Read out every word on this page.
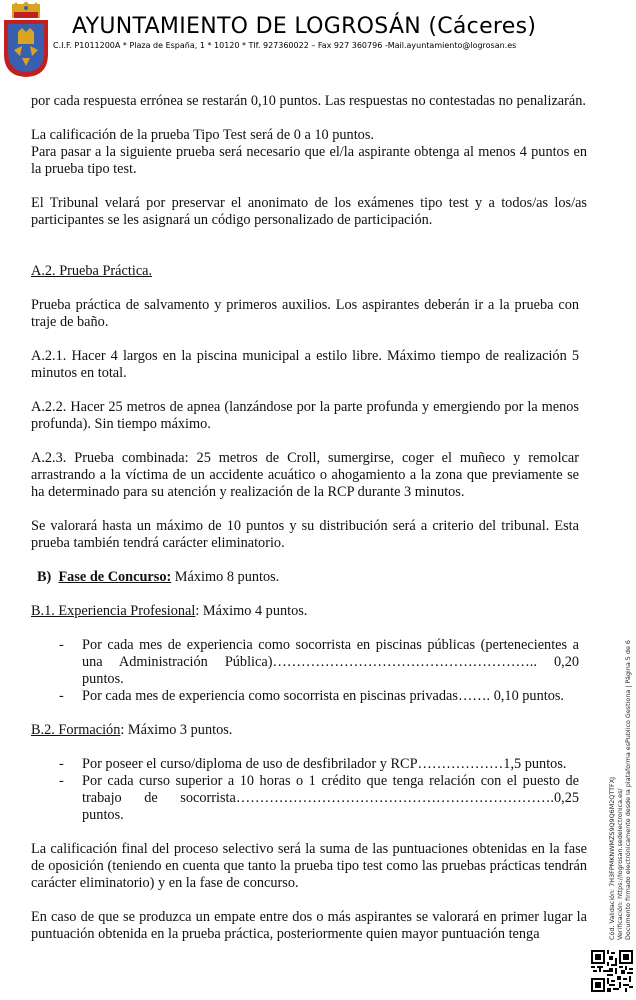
AYUNTAMIENTO DE LOGROSÁN (Cáceres)
C.I.F. P1011200A * Plaza de España, 1 * 10120 * Tlf. 927360022 – Fax 927 360796 -Mail.ayuntamiento@logrosan.es

por cada respuesta errónea se restarán 0,10 puntos. Las respuestas no contestadas no penalizarán.

La calificación de la prueba Tipo Test será de 0 a 10 puntos.

Para pasar a la siguiente prueba será necesario que el/la aspirante obtenga al menos 4 puntos en la prueba tipo test.

El Tribunal velará por preservar el anonimato de los exámenes tipo test y a todos/as los/as participantes se les asignará un código personalizado de participación.

A.2. Prueba Práctica.

Prueba práctica de salvamento y primeros auxilios. Los aspirantes deberán ir a la prueba con traje de baño.

A.2.1. Hacer 4 largos en la piscina municipal a estilo libre. Máximo tiempo de realización 5 minutos en total.

A.2.2. Hacer 25 metros de apnea (lanzándose por la parte profunda y emergiendo por la menos profunda). Sin tiempo máximo.

A.2.3. Prueba combinada: 25 metros de Croll, sumergirse, coger el muñeco y remolcar arrastrando a la víctima de un accidente acuático o ahogamiento a la zona que previamente se ha determinado para su atención y realización de la RCP durante 3 minutos.

Se valorará hasta un máximo de 10 puntos y su distribución será a criterio del tribunal. Esta prueba también tendrá carácter eliminatorio.

B) Fase de Concurso: Máximo 8 puntos.

B.1. Experiencia Profesional: Máximo 4 puntos.

- Por cada mes de experiencia como socorrista en piscinas públicas (pertenecientes a una Administración Pública)……………………………………………….. 0,20 puntos.

- Por cada mes de experiencia como socorrista en piscinas privadas……. 0,10 puntos.

B.2. Formación: Máximo 3 puntos.

- Por poseer el curso/diploma de uso de desfibrilador y RCP………………1,5 puntos.

- Por cada curso superior a 10 horas o 1 crédito que tenga relación con el puesto de trabajo de socorrista………………………………………………………….0,25 puntos.

La calificación final del proceso selectivo será la suma de las puntuaciones obtenidas en la fase de oposición (teniendo en cuenta que tanto la prueba tipo test como las pruebas prácticas tendrán carácter eliminatorio) y en la fase de concurso.

En caso de que se produzca un empate entre dos o más aspirantes se valorará en primer lugar la puntuación obtenida en la prueba práctica, posteriormente quien mayor puntuación tenga	Cód. Validación: 7H3FPMKNWMZS9Q9Q6M2QTTFXJ Verificación: https://logrosan.sedelectronica.es/ Documento firmado electrónicamente desde la plataforma esPublico Gestiona | Página 5 de 6
